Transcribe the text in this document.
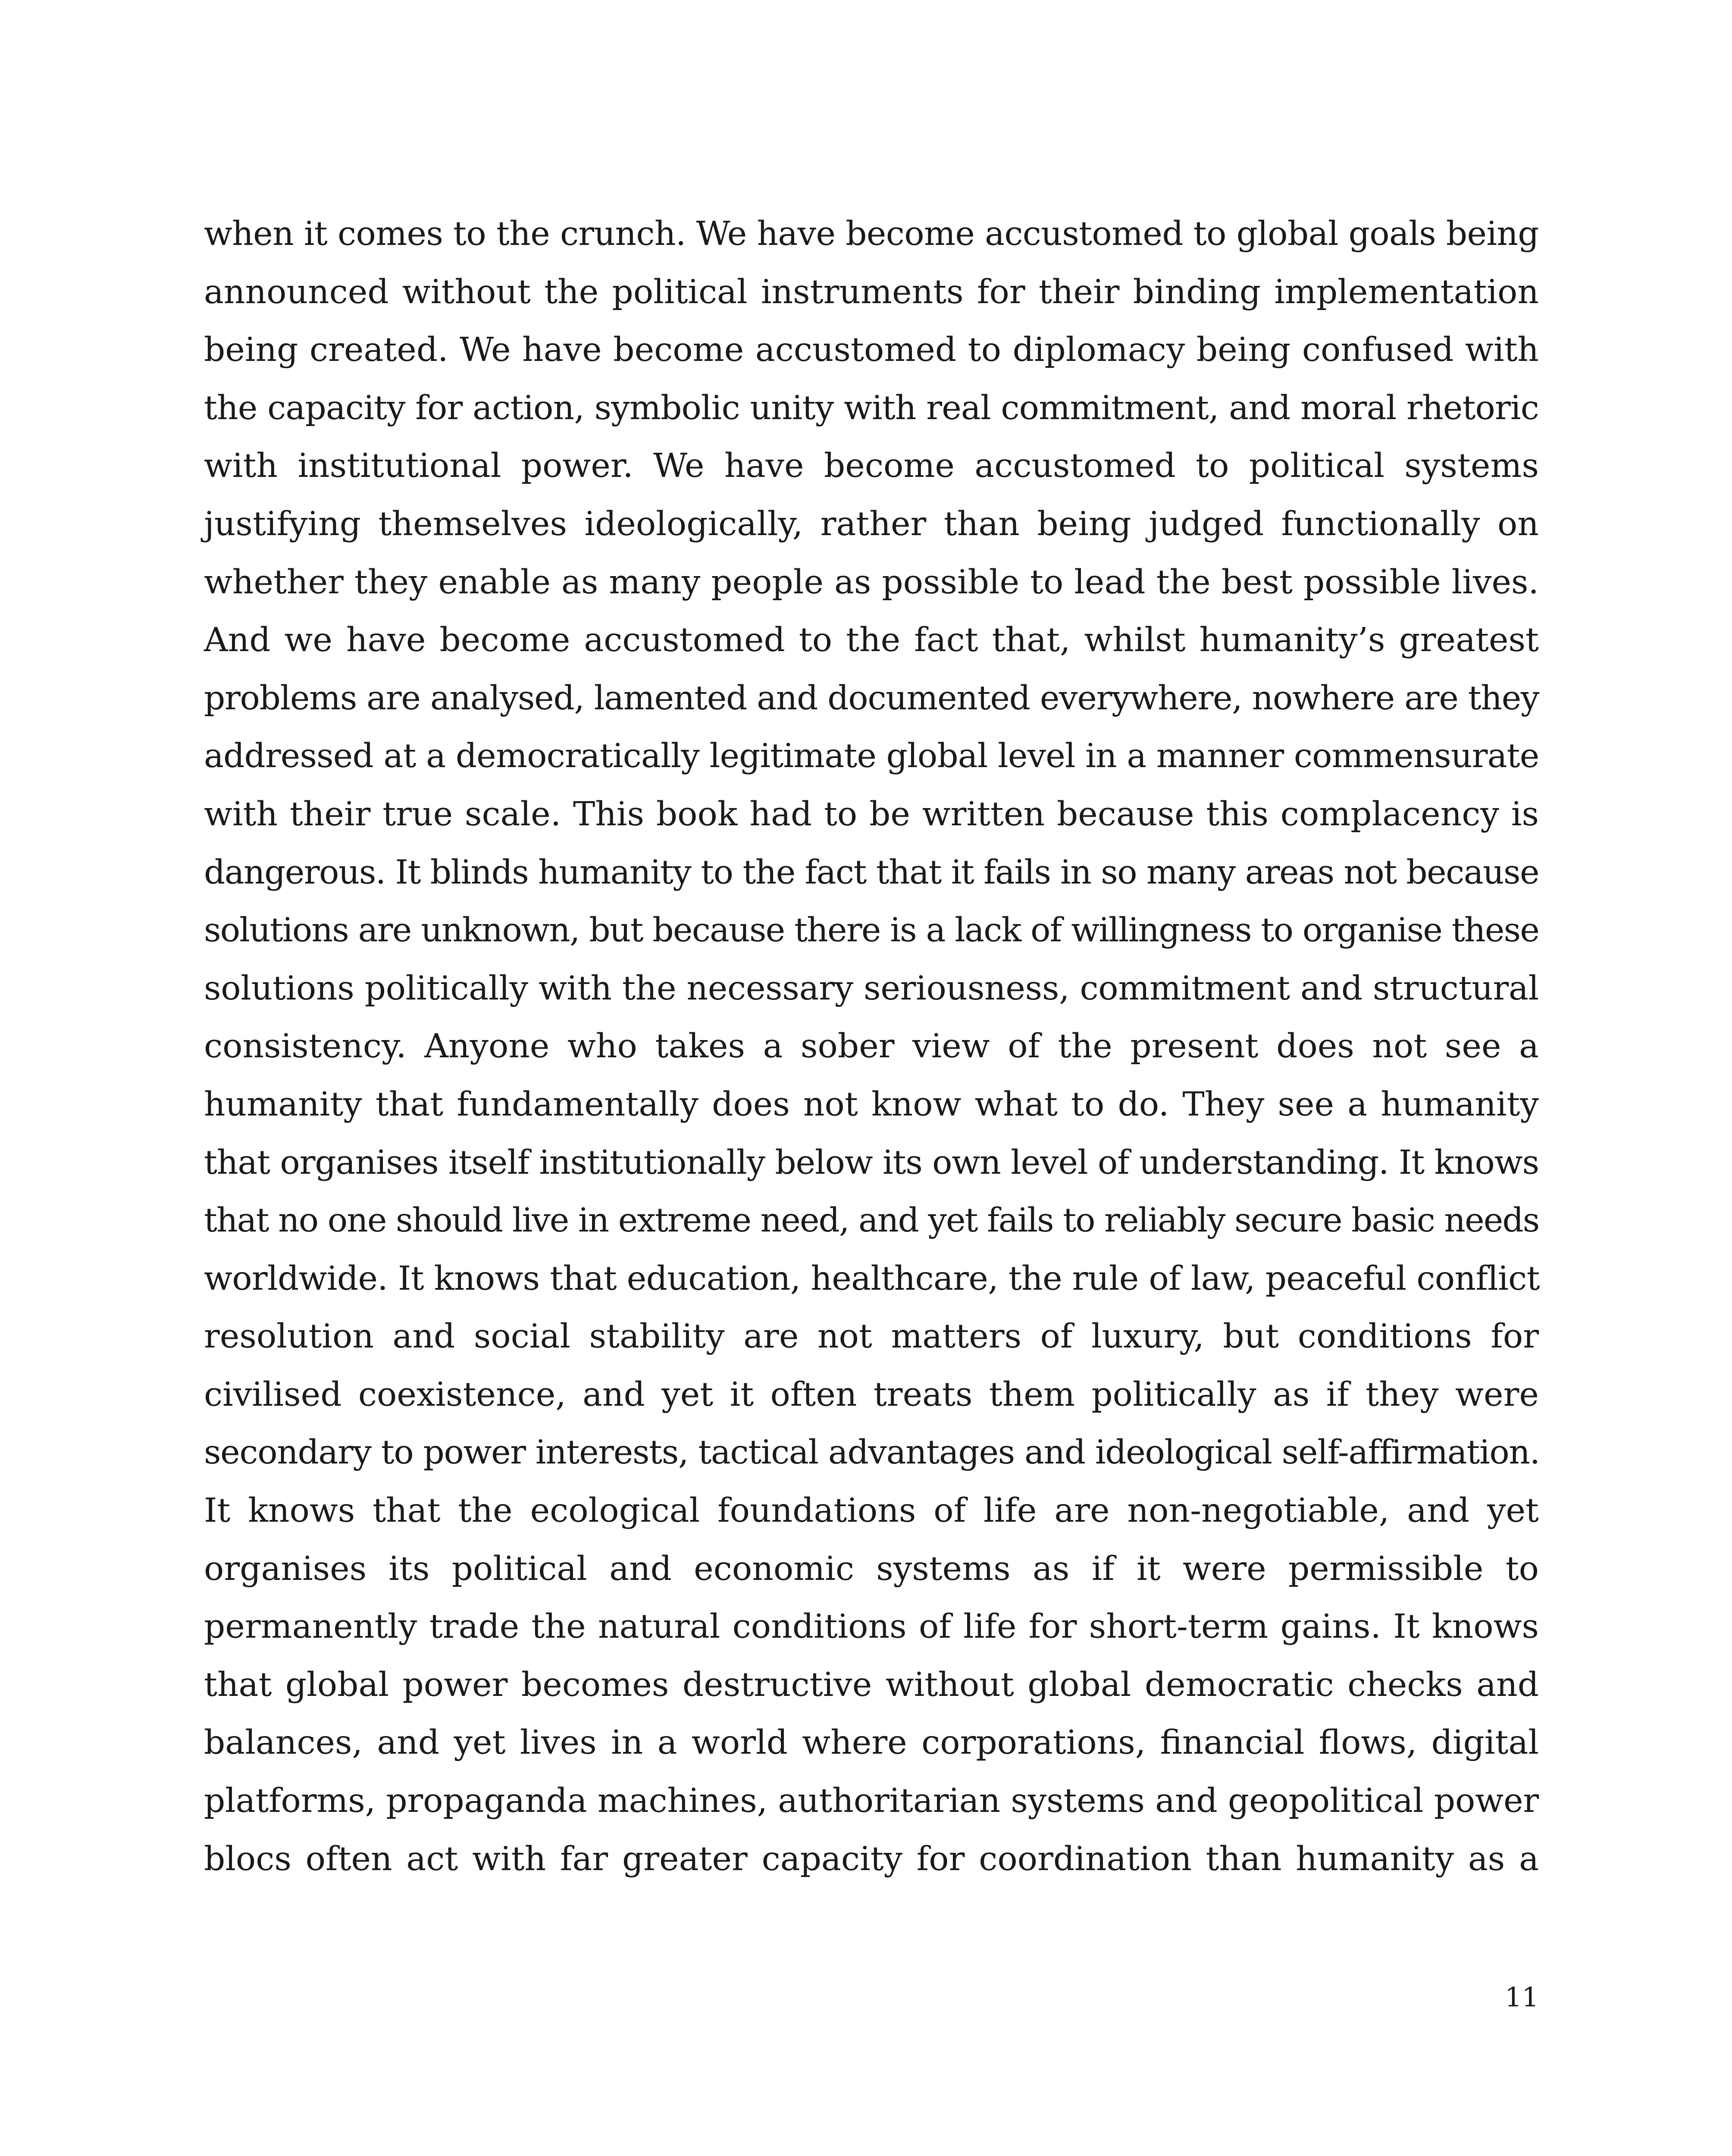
when it comes to the crunch. We have become accustomed to global goals being
announced without the political instruments for their binding implementation
being created. We have become accustomed to diplomacy being confused with
the capacity for action, symbolic unity with real commitment, and moral rhetoric
with institutional power. We have become accustomed to political systems
justifying themselves ideologically, rather than being judged functionally on
whether they enable as many people as possible to lead the best possible lives.
And we have become accustomed to the fact that, whilst humanity’s greatest
problems are analysed, lamented and documented everywhere, nowhere are they
addressed at a democratically legitimate global level in a manner commensurate
with their true scale. This book had to be written because this complacency is
dangerous. It blinds humanity to the fact that it fails in so many areas not because
solutions are unknown, but because there is a lack of willingness to organise these
solutions politically with the necessary seriousness, commitment and structural
consistency. Anyone who takes a sober view of the present does not see a
humanity that fundamentally does not know what to do. They see a humanity
that organises itself institutionally below its own level of understanding. It knows
that no one should live in extreme need, and yet fails to reliably secure basic needs
worldwide. It knows that education, healthcare, the rule of law, peaceful conflict
resolution and social stability are not matters of luxury, but conditions for
civilised coexistence, and yet it often treats them politically as if they were
secondary to power interests, tactical advantages and ideological self-affirmation.
It knows that the ecological foundations of life are non-negotiable, and yet
organises its political and economic systems as if it were permissible to
permanently trade the natural conditions of life for short-term gains. It knows
that global power becomes destructive without global democratic checks and
balances, and yet lives in a world where corporations, financial flows, digital
platforms, propaganda machines, authoritarian systems and geopolitical power
blocs often act with far greater capacity for coordination than humanity as a
11
